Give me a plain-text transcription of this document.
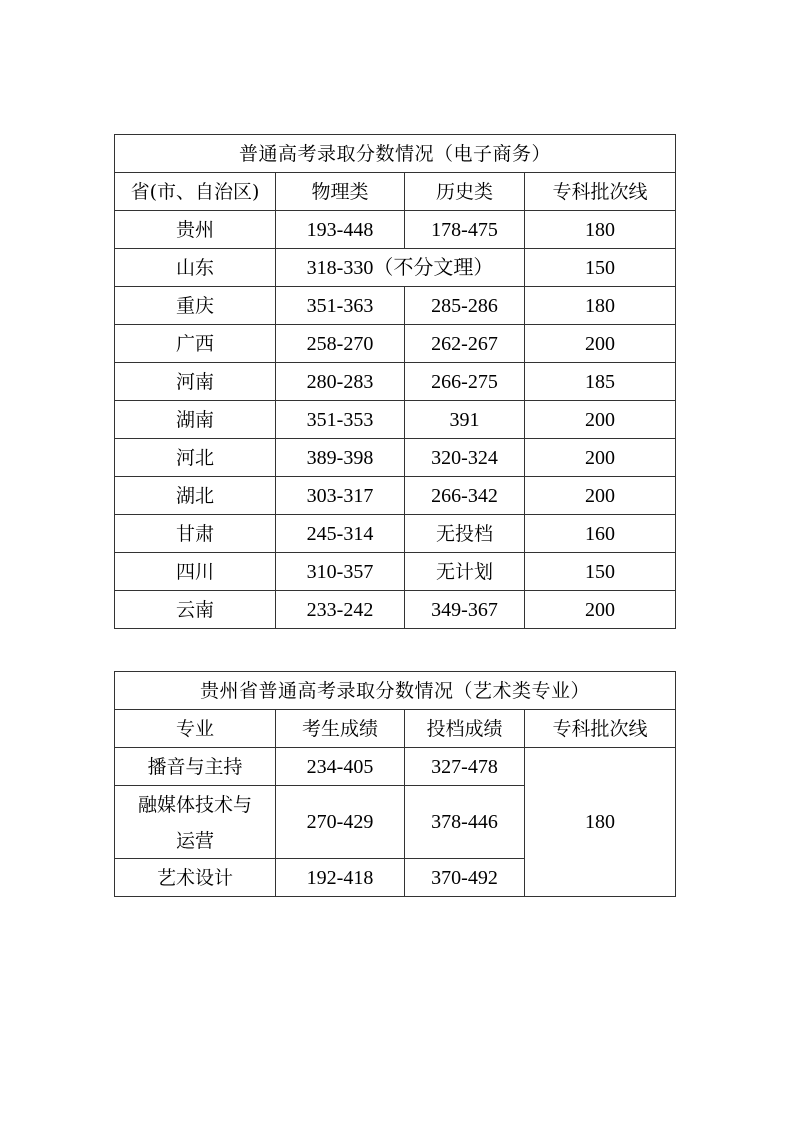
普通高考录取分数情况（电子商务）			
省(市、自治区)	物理类	历史类	专科批次线
贵州	193-448	178-475	180
山东	318-330（不分文理）		150
重庆	351-363	285-286	180
广西	258-270	262-267	200
河南	280-283	266-275	185
湖南	351-353	391	200
河北	389-398	320-324	200
湖北	303-317	266-342	200
甘肃	245-314	无投档	160
四川	310-357	无计划	150
云南	233-242	349-367	200
贵州省普通高考录取分数情况（艺术类专业）			
专业	考生成绩	投档成绩	专科批次线
播音与主持	234-405	327-478	180

融媒体技术与
运营	270-429	378-446	
艺术设计	192-418	370-492	
